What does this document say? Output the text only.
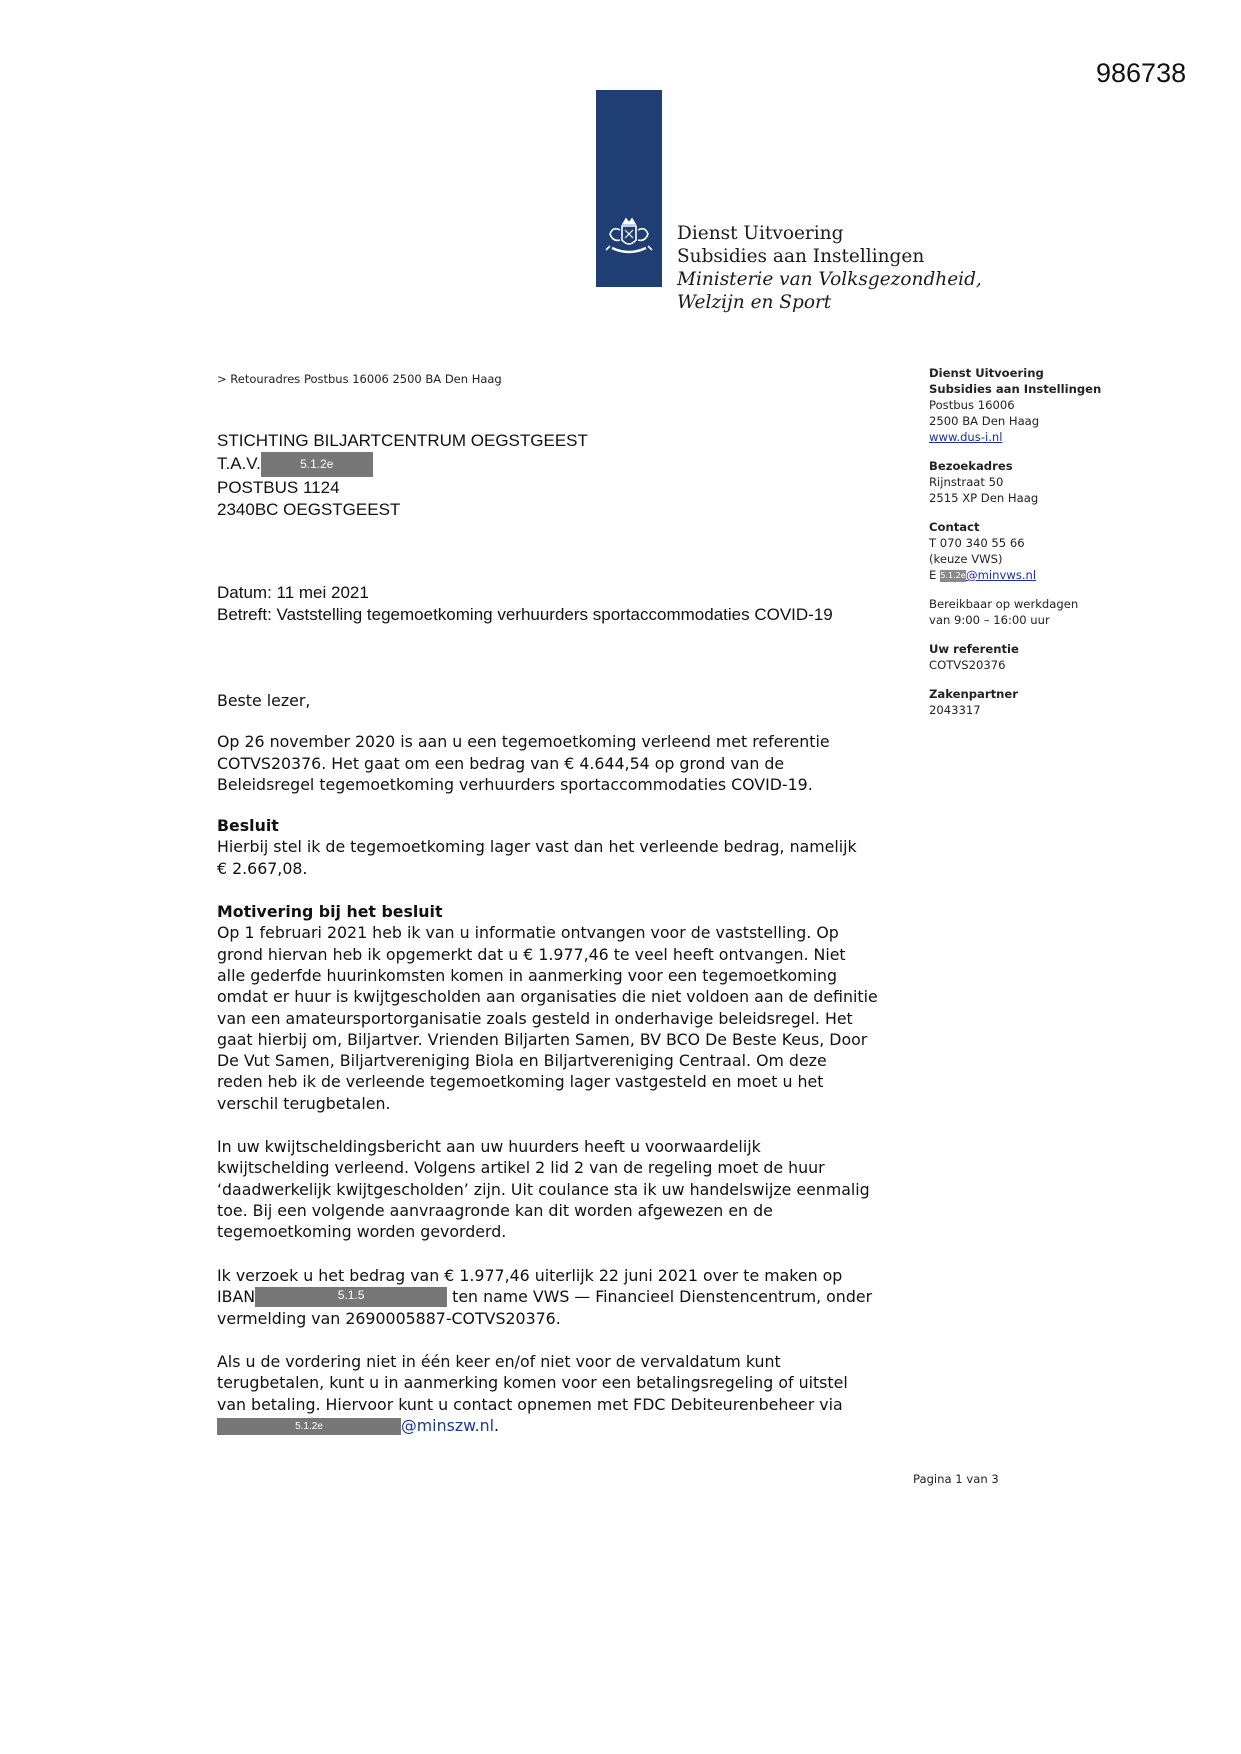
986738
Dienst Uitvoering
Subsidies aan Instellingen
Ministerie van Volksgezondheid,
Welzijn en Sport
> Retouradres Postbus 16006 2500 BA Den Haag
STICHTING BILJARTCENTRUM OEGSTGEEST
T.A.V.	5.1.2e
POSTBUS 1124
2340BC OEGSTGEEST
Datum: 11 mei 2021
Betreft: Vaststelling tegemoetkoming verhuurders sportaccommodaties COVID-19

Beste lezer,

Op 26 november 2020 is aan u een tegemoetkoming verleend met referentie

COTVS20376. Het gaat om een bedrag van € 4.644,54 op grond van de

Beleidsregel tegemoetkoming verhuurders sportaccommodaties COVID-19.

Besluit

Hierbij stel ik de tegemoetkoming lager vast dan het verleende bedrag, namelijk

€ 2.667,08.

Motivering bij het besluit

Op 1 februari 2021 heb ik van u informatie ontvangen voor de vaststelling. Op

grond hiervan heb ik opgemerkt dat u € 1.977,46 te veel heeft ontvangen. Niet

alle gederfde huurinkomsten komen in aanmerking voor een tegemoetkoming

omdat er huur is kwijtgescholden aan organisaties die niet voldoen aan de definitie

van een amateursportorganisatie zoals gesteld in onderhavige beleidsregel. Het

gaat hierbij om, Biljartver. Vrienden Biljarten Samen, BV BCO De Beste Keus, Door

De Vut Samen, Biljartvereniging Biola en Biljartvereniging Centraal. Om deze

reden heb ik de verleende tegemoetkoming lager vastgesteld en moet u het

verschil terugbetalen.

In uw kwijtscheldingsbericht aan uw huurders heeft u voorwaardelijk

kwijtschelding verleend. Volgens artikel 2 lid 2 van de regeling moet de huur

‘daadwerkelijk kwijtgescholden’ zijn. Uit coulance sta ik uw handelswijze eenmalig

toe. Bij een volgende aanvraagronde kan dit worden afgewezen en de

tegemoetkoming worden gevorderd.

Ik verzoek u het bedrag van € 1.977,46 uiterlijk 22 juni 2021 over te maken op

IBAN	5.1.5	ten name VWS — Financieel Dienstencentrum, onder

vermelding van 2690005887-COTVS20376.

Als u de vordering niet in één keer en/of niet voor de vervaldatum kunt

terugbetalen, kunt u in aanmerking komen voor een betalingsregeling of uitstel

van betaling. Hiervoor kunt u contact opnemen met FDC Debiteurenbeheer via

5.1.2e	@minszw.nl.

Dienst Uitvoering
Subsidies aan Instellingen
Postbus 16006
2500 BA Den Haag
www.dus-i.nl
Bezoekadres
Rijnstraat 50
2515 XP Den Haag
Contact
T 070 340 55 66
(keuze VWS)
E 5.1.2e@minvws.nl
Bereikbaar op werkdagen
van 9:00 – 16:00 uur
Uw referentie
COTVS20376
Zakenpartner
2043317
Pagina 1 van 3
